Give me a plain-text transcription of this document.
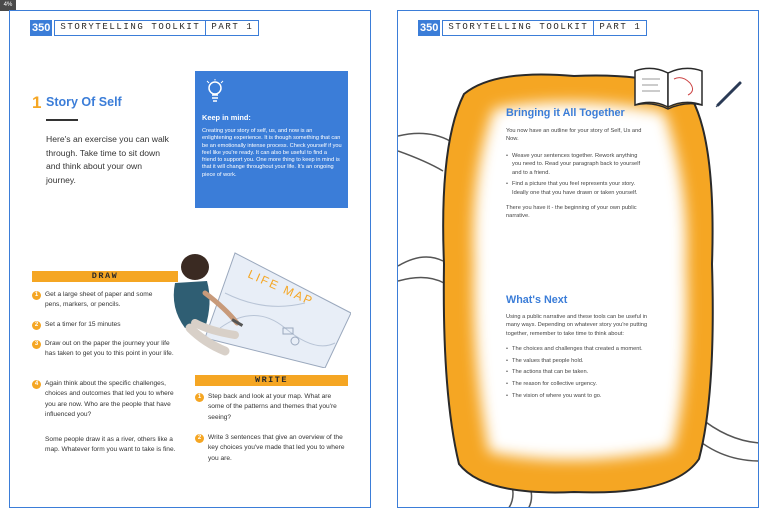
4%
350	STORYTELLING TOOLKIT	PART 1
1 Story Of Self
Here's an exercise you can walk through. Take time to sit down and think about your own journey.
Keep in mind:
Creating your story of self, us, and now is an enlightening experience. It is though something that can be an emotionally intense process. Check yourself if you feel like you're ready. It can also be useful to find a friend to support you. One more thing to keep in mind is that it will change throughout your life. It's an ongoing piece of work.
LIFE MAP
DRAW
1	Get a large sheet of paper and some pens, markers, or pencils.
2	Set a timer for 15 minutes
3	Draw out on the paper the journey your life has taken to get you to this point in your life.
4	Again think about the specific challenges, choices and outcomes that led you to where you are now. Who are the people that have influenced you?
Some people draw it as a river, others like a map. Whatever form you want to take is fine.
WRITE
1	Step back and look at your map. What are some of the patterns and themes that you're seeing?
2	Write 3 sentences that give an overview of the key choices you've made that led you to where you are.
350	STORYTELLING TOOLKIT	PART 1
Bringing it All Together
You now have an outline for your story of Self, Us and Now.
• Weave your sentences together. Rework anything you need to. Read your paragraph back to yourself and to a friend.
• Find a picture that you feel represents your story. Ideally one that you have drawn or taken yourself.
There you have it - the beginning of your own public narrative.
What's Next
Using a public narrative and these tools can be useful in many ways. Depending on whatever story you're putting together, remember to take time to think about:
• The choices and challenges that created a moment.
• The values that people hold.
• The actions that can be taken.
• The reason for collective urgency.
• The vision of where you want to go.
